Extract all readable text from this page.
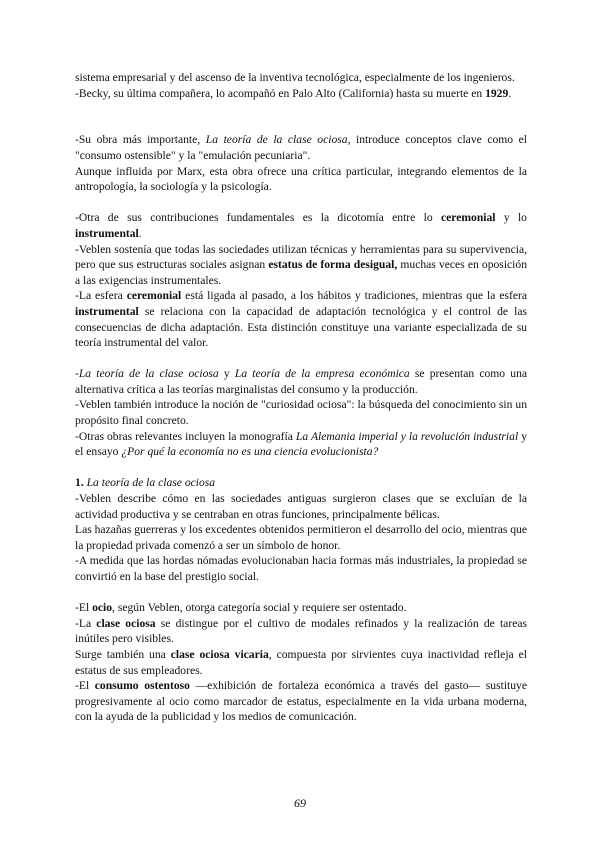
sistema empresarial y del ascenso de la inventiva tecnológica, especialmente de los ingenieros.

-Becky, su última compañera, lo acompañó en Palo Alto (California) hasta su muerte en 1929.

-Su obra más importante, La teoría de la clase ociosa, introduce conceptos clave como el "consumo ostensible" y la "emulación pecuniaria".

Aunque influida por Marx, esta obra ofrece una crítica particular, integrando elementos de la antropología, la sociología y la psicología.

-Otra de sus contribuciones fundamentales es la dicotomía entre lo ceremonial y lo instrumental.

-Veblen sostenía que todas las sociedades utilizan técnicas y herramientas para su supervivencia, pero que sus estructuras sociales asignan estatus de forma desigual, muchas veces en oposición a las exigencias instrumentales.

-La esfera ceremonial está ligada al pasado, a los hábitos y tradiciones, mientras que la esfera instrumental se relaciona con la capacidad de adaptación tecnológica y el control de las consecuencias de dicha adaptación. Esta distinción constituye una variante especializada de su teoría instrumental del valor.

-La teoría de la clase ociosa y La teoría de la empresa económica se presentan como una alternativa crítica a las teorías marginalistas del consumo y la producción.

-Veblen también introduce la noción de "curiosidad ociosa": la búsqueda del conocimiento sin un propósito final concreto.

-Otras obras relevantes incluyen la monografía La Alemania imperial y la revolución industrial y el ensayo ¿Por qué la economía no es una ciencia evolucionista?

1. La teoría de la clase ociosa

-Veblen describe cómo en las sociedades antiguas surgieron clases que se excluían de la actividad productiva y se centraban en otras funciones, principalmente bélicas.

Las hazañas guerreras y los excedentes obtenidos permitieron el desarrollo del ocio, mientras que la propiedad privada comenzó a ser un símbolo de honor.

-A medida que las hordas nómadas evolucionaban hacia formas más industriales, la propiedad se convirtió en la base del prestigio social.

-El ocio, según Veblen, otorga categoría social y requiere ser ostentado.

-La clase ociosa se distingue por el cultivo de modales refinados y la realización de tareas inútiles pero visibles.

Surge también una clase ociosa vicaria, compuesta por sirvientes cuya inactividad refleja el estatus de sus empleadores.

-El consumo ostentoso —exhibición de fortaleza económica a través del gasto— sustituye progresivamente al ocio como marcador de estatus, especialmente en la vida urbana moderna, con la ayuda de la publicidad y los medios de comunicación.

69
